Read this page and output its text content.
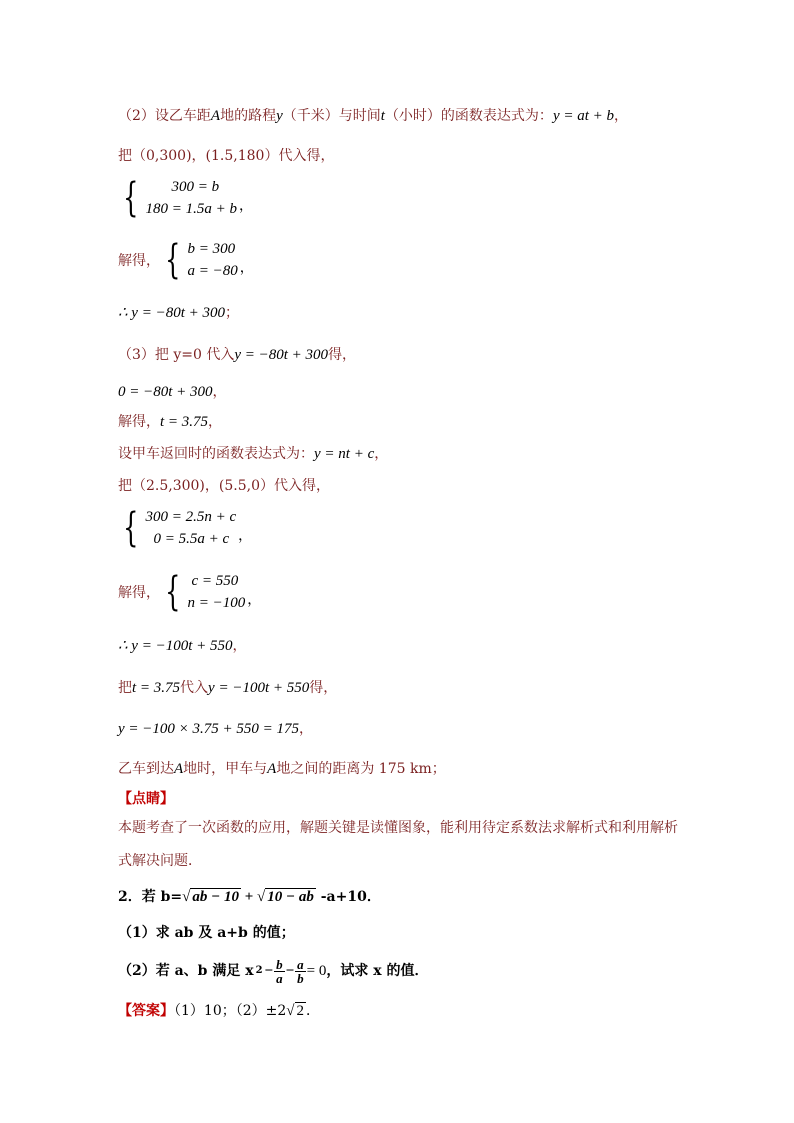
（2）设乙车距A地的路程y（千米）与时间t（小时）的函数表达式为：y = at + b，
把（0,300)，(1.5,180）代入得，
{	300 = b
180 = 1.5a + b ，
解得， { b = 300
a = −80 ，
∴ y = −80t + 300；
（3）把 y=0 代入y = −80t + 300得，
0 = −80t + 300，
解得，t = 3.75，
设甲车返回时的函数表达式为：y = nt + c，
把（2.5,300)，(5.5,0）代入得，
{ 300 = 2.5n + c
0 = 5.5a + c ，
解得， { c = 550
n = −100 ，
∴ y = −100t + 550，
把t = 3.75代入y = −100t + 550得，
y = −100 × 3.75 + 550 = 175，
乙车到达A地时，甲车与A地之间的距离为 175 km；
【点睛】
本题考查了一次函数的应用，解题关键是读懂图象，能利用待定系数法求解析式和利用解析
式解决问题．
2．若 b=√ ab − 10 + √ 10 − ab -a+10．
（1）求 ab 及 a+b 的值；
（2）若 a、b 满足 x $2 - \frac{b}{a} - \frac{a}{b} = 0$ ，试求 x 的值．
【答案】（1）10；（2）±2√ 2 ．
